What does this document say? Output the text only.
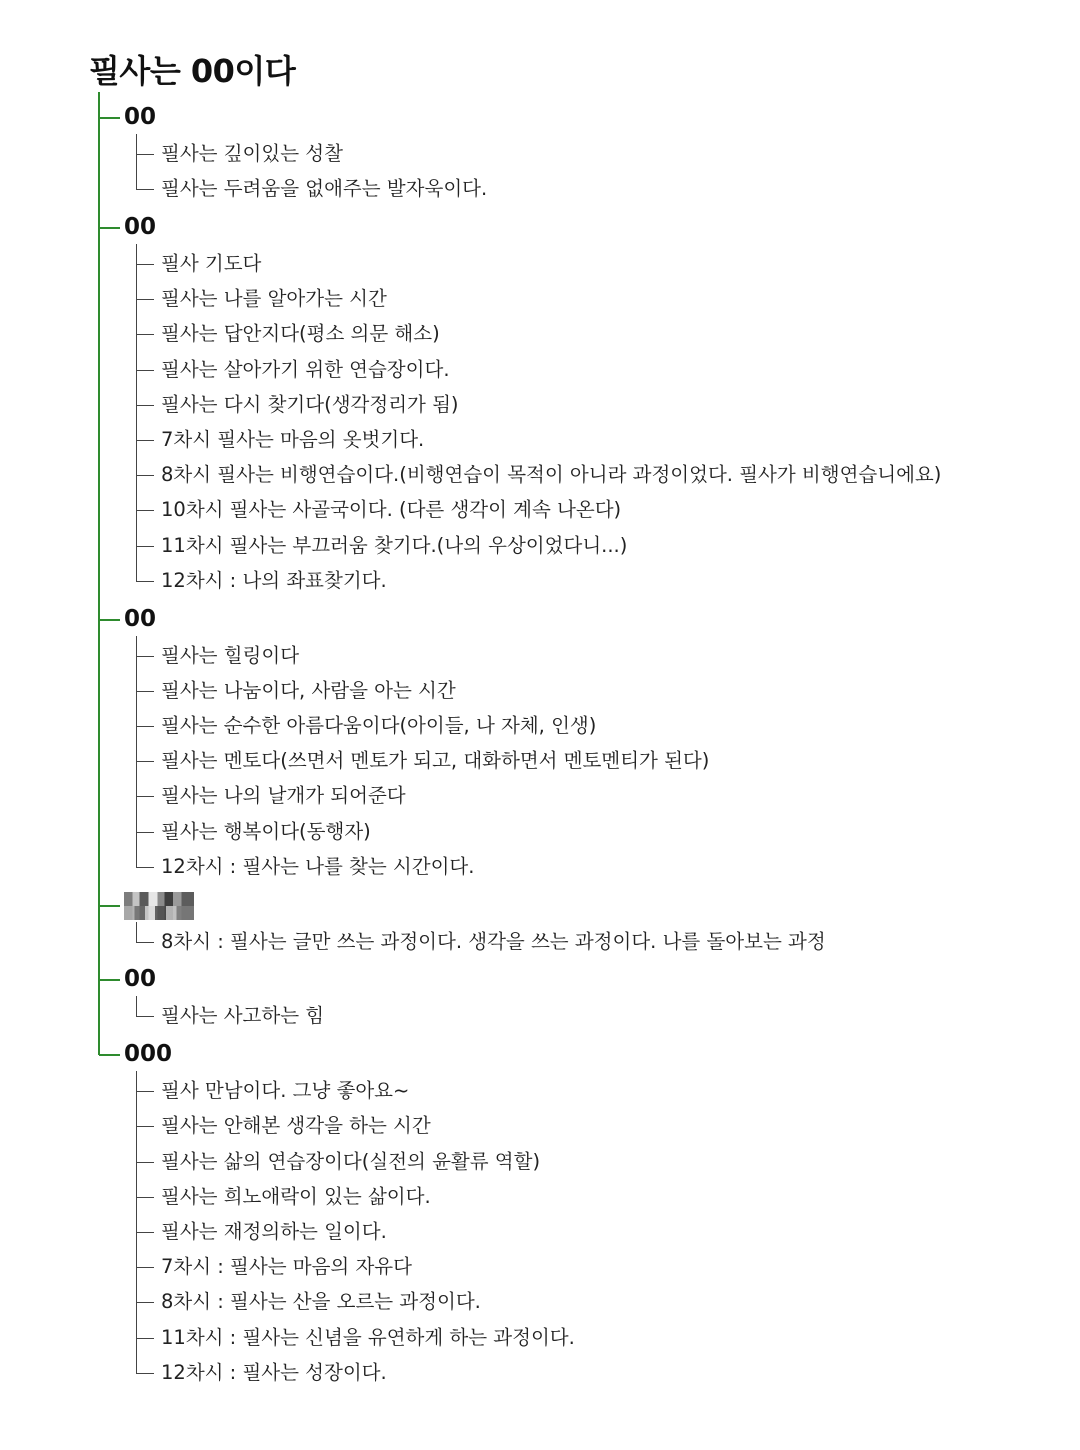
필사는 00이다
00
필사는 깊이있는 성찰
필사는 두려움을 없애주는 발자욱이다.
00
필사 기도다
필사는 나를 알아가는 시간
필사는 답안지다(평소 의문 해소)
필사는 살아가기 위한 연습장이다.
필사는 다시 찾기다(생각정리가 됨)
7차시 필사는 마음의 옷벗기다.
8차시 필사는 비행연습이다.(비행연습이 목적이 아니라 과정이었다. 필사가 비행연습니에요)
10차시 필사는 사골국이다. (다른 생각이 계속 나온다)
11차시 필사는 부끄러움 찾기다.(나의 우상이었다니...)
12차시 : 나의 좌표찾기다.
00
필사는 힐링이다
필사는 나눔이다, 사람을 아는 시간
필사는 순수한 아름다움이다(아이들, 나 자체, 인생)
필사는 멘토다(쓰면서 멘토가 되고, 대화하면서 멘토멘티가 된다)
필사는 나의 날개가 되어준다
필사는 행복이다(동행자)
12차시 : 필사는 나를 찾는 시간이다.
8차시 : 필사는 글만 쓰는 과정이다. 생각을 쓰는 과정이다. 나를 돌아보는 과정
00
필사는 사고하는 힘
000
필사 만남이다. 그냥 좋아요~
필사는 안해본 생각을 하는 시간
필사는 삶의 연습장이다(실전의 윤활류 역할)
필사는 희노애락이 있는 삶이다.
필사는 재정의하는 일이다.
7차시 : 필사는 마음의 자유다
8차시 : 필사는 산을 오르는 과정이다.
11차시 : 필사는 신념을 유연하게 하는 과정이다.
12차시 : 필사는 성장이다.
